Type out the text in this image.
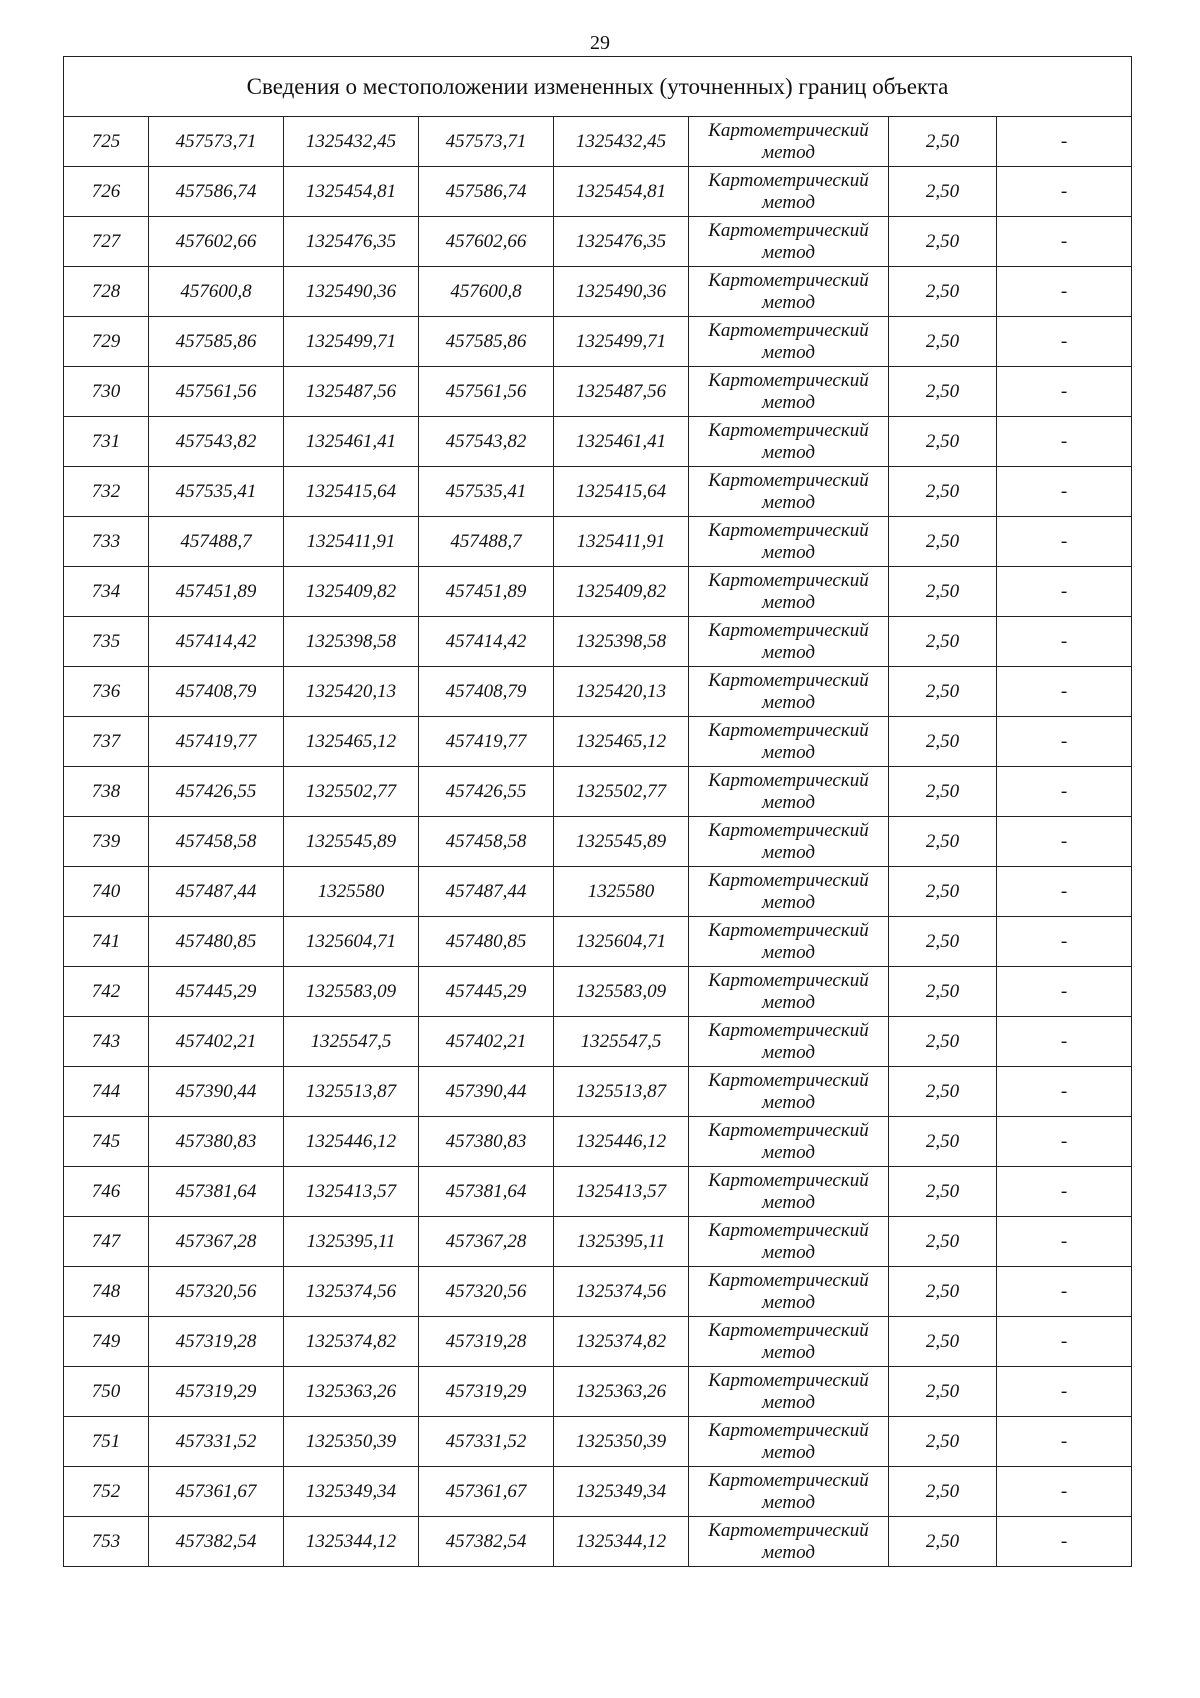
29
Сведения о местоположении измененных (уточненных) границ объекта							
725	457573,71	1325432,45	457573,71	1325432,45	Картометрический метод	2,50	-
726	457586,74	1325454,81	457586,74	1325454,81	Картометрический метод	2,50	-
727	457602,66	1325476,35	457602,66	1325476,35	Картометрический метод	2,50	-
728	457600,8	1325490,36	457600,8	1325490,36	Картометрический метод	2,50	-
729	457585,86	1325499,71	457585,86	1325499,71	Картометрический метод	2,50	-
730	457561,56	1325487,56	457561,56	1325487,56	Картометрический метод	2,50	-
731	457543,82	1325461,41	457543,82	1325461,41	Картометрический метод	2,50	-
732	457535,41	1325415,64	457535,41	1325415,64	Картометрический метод	2,50	-
733	457488,7	1325411,91	457488,7	1325411,91	Картометрический метод	2,50	-
734	457451,89	1325409,82	457451,89	1325409,82	Картометрический метод	2,50	-
735	457414,42	1325398,58	457414,42	1325398,58	Картометрический метод	2,50	-
736	457408,79	1325420,13	457408,79	1325420,13	Картометрический метод	2,50	-
737	457419,77	1325465,12	457419,77	1325465,12	Картометрический метод	2,50	-
738	457426,55	1325502,77	457426,55	1325502,77	Картометрический метод	2,50	-
739	457458,58	1325545,89	457458,58	1325545,89	Картометрический метод	2,50	-
740	457487,44	1325580	457487,44	1325580	Картометрический метод	2,50	-
741	457480,85	1325604,71	457480,85	1325604,71	Картометрический метод	2,50	-
742	457445,29	1325583,09	457445,29	1325583,09	Картометрический метод	2,50	-
743	457402,21	1325547,5	457402,21	1325547,5	Картометрический метод	2,50	-
744	457390,44	1325513,87	457390,44	1325513,87	Картометрический метод	2,50	-
745	457380,83	1325446,12	457380,83	1325446,12	Картометрический метод	2,50	-
746	457381,64	1325413,57	457381,64	1325413,57	Картометрический метод	2,50	-
747	457367,28	1325395,11	457367,28	1325395,11	Картометрический метод	2,50	-
748	457320,56	1325374,56	457320,56	1325374,56	Картометрический метод	2,50	-
749	457319,28	1325374,82	457319,28	1325374,82	Картометрический метод	2,50	-
750	457319,29	1325363,26	457319,29	1325363,26	Картометрический метод	2,50	-
751	457331,52	1325350,39	457331,52	1325350,39	Картометрический метод	2,50	-
752	457361,67	1325349,34	457361,67	1325349,34	Картометрический метод	2,50	-
753	457382,54	1325344,12	457382,54	1325344,12	Картометрический метод	2,50	-
